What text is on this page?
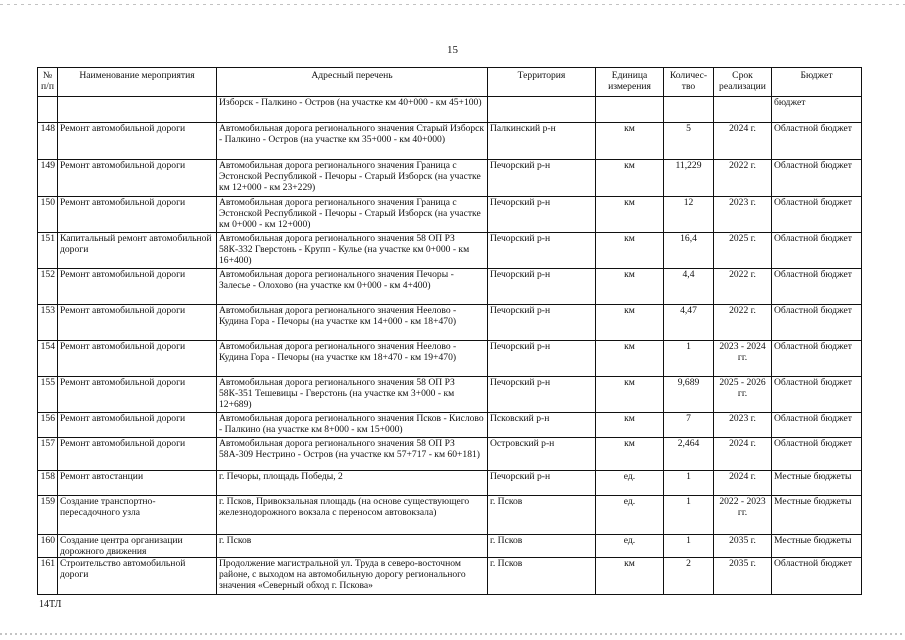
15
№ п/п	Наименование мероприятия	Адресный перечень	Территория	Единица измерения	Количес- тво	Срок реализации	Бюджет
		Изборск - Палкино - Остров (на участке км 40+000 - км 45+100)					бюджет
148	Ремонт автомобильной дороги	Автомобильная дорога регионального значения Старый Изборск - Палкино - Остров (на участке км 35+000 - км 40+000)	Палкинский р-н	км	5	2024 г.	Областной бюджет
149	Ремонт автомобильной дороги	Автомобильная дорога регионального значения Граница с Эстонской Республикой - Печоры - Старый Изборск (на участке км 12+000 - км 23+229)	Печорский р-н	км	11,229	2022 г.	Областной бюджет
150	Ремонт автомобильной дороги	Автомобильная дорога регионального значения Граница с Эстонской Республикой - Печоры - Старый Изборск (на участке км 0+000 - км 12+000)	Печорский р-н	км	12	2023 г.	Областной бюджет
151	Капитальный ремонт автомобильной дороги	Автомобильная дорога регионального значения 58 ОП РЗ 58К-332 Гверстонь - Крупп - Кулье (на участке км 0+000 - км 16+400)	Печорский р-н	км	16,4	2025 г.	Областной бюджет
152	Ремонт автомобильной дороги	Автомобильная дорога регионального значения Печоры - Залесье - Олохово (на участке км 0+000 - км 4+400)	Печорский р-н	км	4,4	2022 г.	Областной бюджет
153	Ремонт автомобильной дороги	Автомобильная дорога регионального значения Неелово - Кудина Гора - Печоры (на участке км 14+000 - км 18+470)	Печорский р-н	км	4,47	2022 г.	Областной бюджет
154	Ремонт автомобильной дороги	Автомобильная дорога регионального значения Неелово - Кудина Гора - Печоры (на участке км 18+470 - км 19+470)	Печорский р-н	км	1	2023 - 2024 гг.	Областной бюджет
155	Ремонт автомобильной дороги	Автомобильная дорога регионального значения 58 ОП РЗ 58К-351 Тешевицы - Гверстонь (на участке км 3+000 - км 12+689)	Печорский р-н	км	9,689	2025 - 2026 гг.	Областной бюджет
156	Ремонт автомобильной дороги	Автомобильная дорога регионального значения Псков - Кислово - Палкино (на участке км 8+000 - км 15+000)	Псковский р-н	км	7	2023 г.	Областной бюджет
157	Ремонт автомобильной дороги	Автомобильная дорога регионального значения 58 ОП РЗ 58А-309 Нестрино - Остров (на участке км 57+717 - км 60+181)	Островский р-н	км	2,464	2024 г.	Областной бюджет
158	Ремонт автостанции	г. Печоры, площадь Победы, 2	Печорский р-н	ед.	1	2024 г.	Местные бюджеты
159	Создание транспортно-пересадочного узла	г. Псков, Привокзальная площадь (на основе существующего железнодорожного вокзала с переносом автовокзала)	г. Псков	ед.	1	2022 - 2023 гг.	Местные бюджеты
160	Создание центра организации дорожного движения	г. Псков	г. Псков	ед.	1	2035 г.	Местные бюджеты
161	Строительство автомобильной дороги	Продолжение магистральной ул. Труда в северо-восточном районе, с выходом на автомобильную дорогу регионального значения «Северный обход г. Пскова»	г. Псков	км	2	2035 г.	Областной бюджет
14ТЛ
